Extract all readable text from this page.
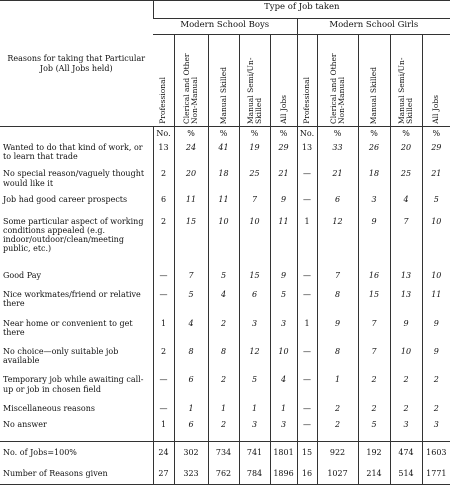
Reasons for taking that Particular Job (All Jobs held)	Type of Job taken									
	Modern School Boys					Modern School Girls				
	Professional	Clerical and Other Non-Manual	Manual Skilled	Manual Semi/Un-Skilled	All Jobs	Professional	Clerical and Other Non-Manual	Manual Skilled	Manual Semi/Un-Skilled	All Jobs
	No.	%	%	%	%	No.	%	%	%	%
Wanted to do that kind of work, or to learn that trade	13	24	41	19	29	13	33	26	20	29
No special reason/vaguely thought would like it	2	20	18	25	21	—	21	18	25	21
Job had good career prospects	6	11	11	7	9	—	6	3	4	5
Some particular aspect of working conditions appealed (e.g. indoor/outdoor/clean/meeting public, etc.)	2	15	10	10	11	1	12	9	7	10
Good Pay	—	7	5	15	9	—	7	16	13	10
Nice workmates/friend or relative there	—	5	4	6	5	—	8	15	13	11
Near home or convenient to get there	1	4	2	3	3	1	9	7	9	9
No choice—only suitable job available	2	8	8	12	10	—	8	7	10	9
Temporary job while awaiting call-up or job in chosen field	—	6	2	5	4	—	1	2	2	2
Miscellaneous reasons	—	1	1	1	1	—	2	2	2	2
No answer	1	6	2	3	3	—	2	5	3	3
No. of Jobs=100%	24	302	734	741	1801	15	922	192	474	1603
Number of Reasons given	27	323	762	784	1896	16	1027	214	514	1771
